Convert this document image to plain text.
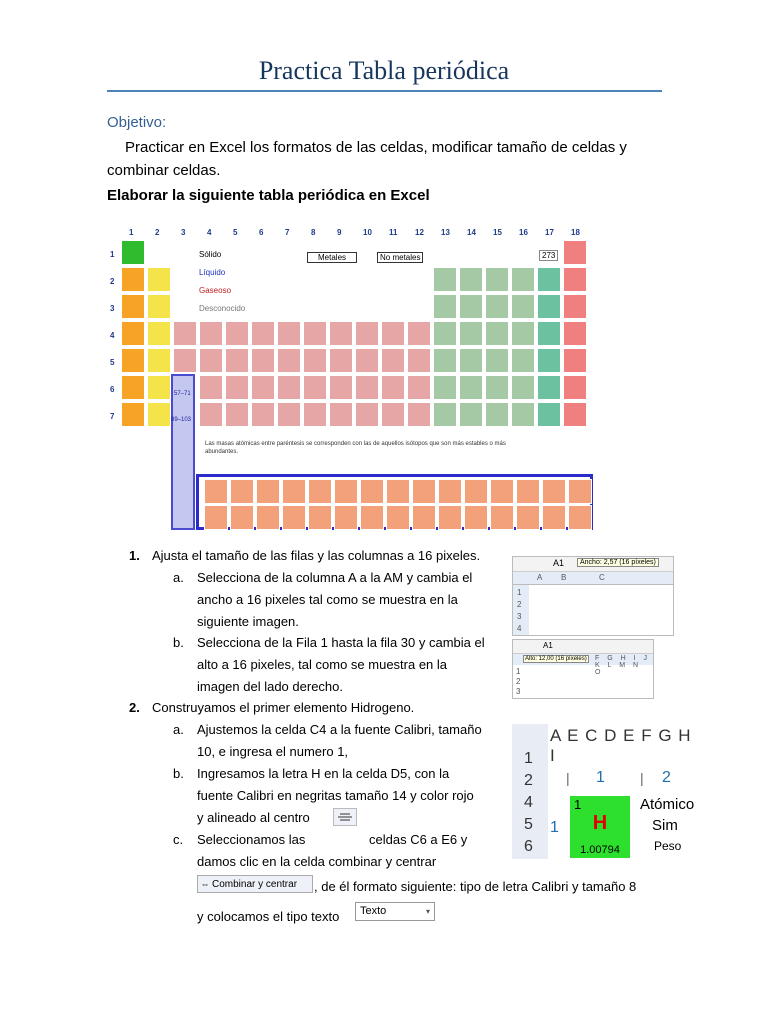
Practica Tabla periódica
Objetivo:
Practicar en Excel los formatos de las celdas, modificar tamaño de celdas y combinar celdas.
Elaborar la siguiente tabla periódica en Excel
1	2	3	4	5	6	7	8	9	10 11 12 13 14 15 16 17 18
1
2
3
4
5
6
7
Sólido
Líquido
Gaseoso
Desconocido
Metales	No metales	273
57–71
89–103
Las masas atómicas entre paréntesis se corresponden con las de aquellos isótopos que son más estables o más abundantes.
1. Ajusta el tamaño de las filas y las columnas a 16 pixeles.
a. Selecciona de la columna A a la AM y cambia el
ancho a 16 pixeles tal como se muestra en la
siguiente imagen.
b. Selecciona de la Fila 1 hasta la fila 30 y cambia el
alto a 16 pixeles, tal como se muestra en la
imagen del lado derecho.
2. Construyamos el primer elemento Hidrogeno.
a. Ajustemos la celda C4 a la fuente Calibri, tamaño
10, e ingresa el numero 1,
b. Ingresamos la letra H en la celda D5, con la
fuente Calibri en negritas tamaño 14 y color rojo
y alineado al centro
c. Seleccionamos las	celdas C6 a E6 y
damos clic en la celda combinar y centrar
⇔ Combinar y centrar	, de él formato siguiente: tipo de letra Calibri y tamaño 8
y colocamos el tipo texto	Texto	▾
A1	Ancho: 2,57 (16 píxeles)
A B	C
1
2
3
4
A1
Alto: 12,00 (16 píxeles) F G H I J K L M N O
1
2
3
A E C D E F G H I
1
2
4
5
6
| 1	| 2
1
1
H
1.00794
Atómico
Sim
Peso
